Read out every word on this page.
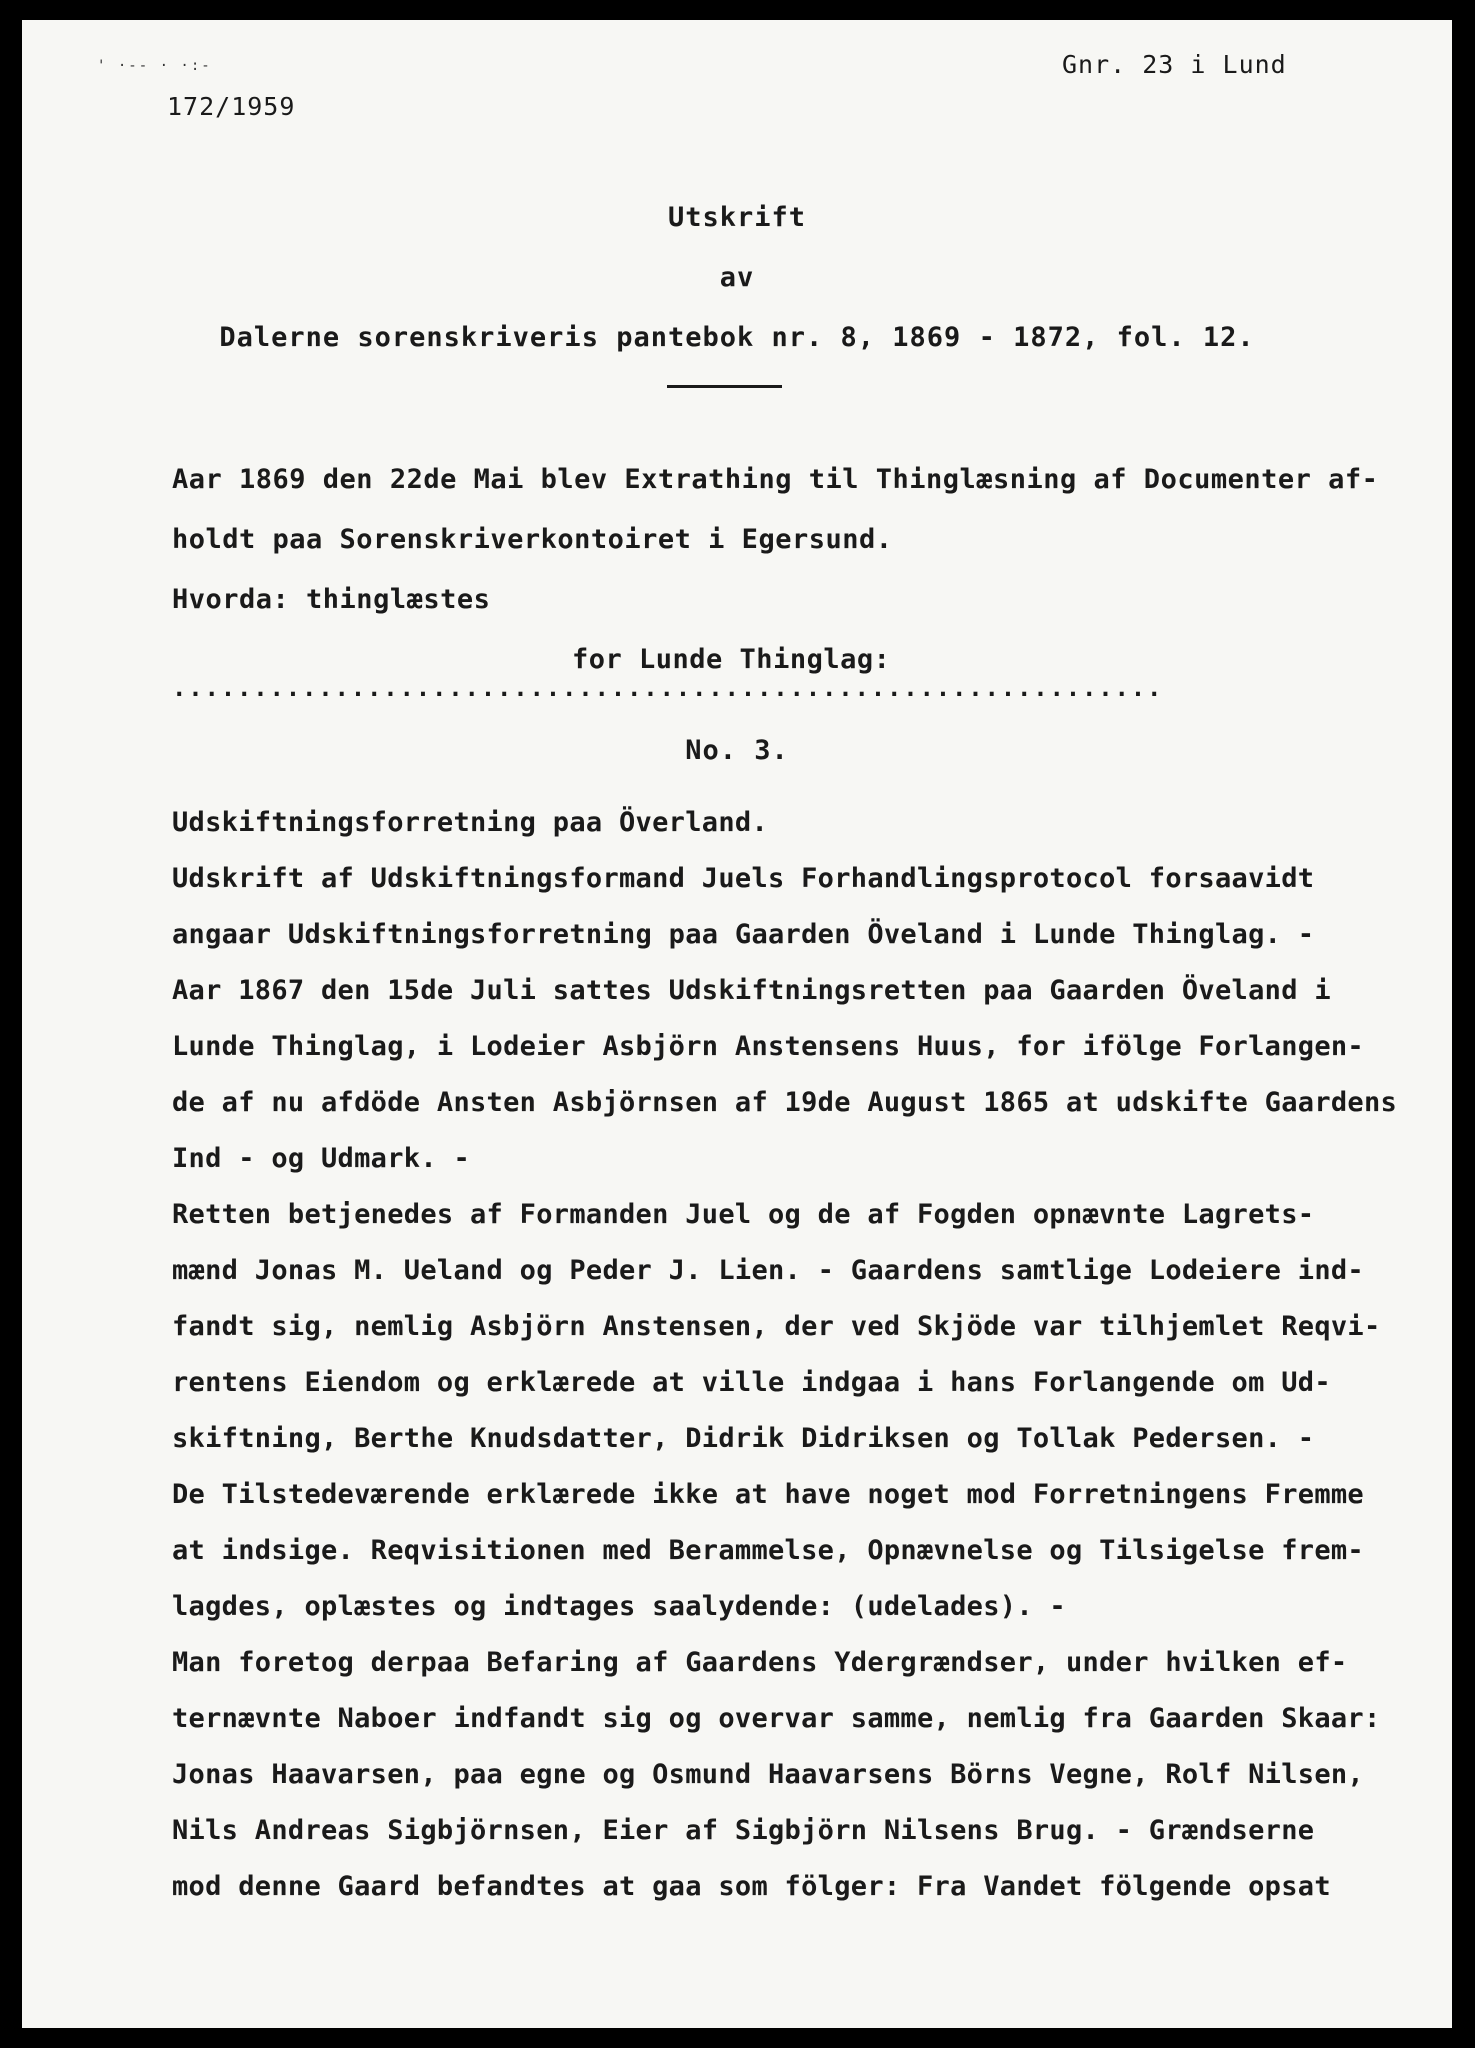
' ·-- · ·:-
172/1959
Gnr. 23 i Lund
Utskrift
av
Dalerne sorenskriveris pantebok nr. 8, 1869 - 1872, fol. 12.
Aar 1869 den 22de Mai blev Extrathing til Thinglæsning af Documenter af-
holdt paa Sorenskriverkontoiret i Egersund.
Hvorda: thinglæstes
for Lunde Thinglag:
·····························································
No. 3.
Udskiftningsforretning paa Överland.
Udskrift af Udskiftningsformand Juels Forhandlingsprotocol forsaavidt
angaar Udskiftningsforretning paa Gaarden Öveland i Lunde Thinglag. -
Aar 1867 den 15de Juli sattes Udskiftningsretten paa Gaarden Öveland i
Lunde Thinglag, i Lodeier Asbjörn Anstensens Huus, for ifölge Forlangen-
de af nu afdöde Ansten Asbjörnsen af 19de August 1865 at udskifte Gaardens
Ind - og Udmark. -
Retten betjenedes af Formanden Juel og de af Fogden opnævnte Lagrets-
mænd Jonas M. Ueland og Peder J. Lien. - Gaardens samtlige Lodeiere ind-
fandt sig, nemlig Asbjörn Anstensen, der ved Skjöde var tilhjemlet Reqvi-
rentens Eiendom og erklærede at ville indgaa i hans Forlangende om Ud-
skiftning, Berthe Knudsdatter, Didrik Didriksen og Tollak Pedersen. -
De Tilstedeværende erklærede ikke at have noget mod Forretningens Fremme
at indsige. Reqvisitionen med Berammelse, Opnævnelse og Tilsigelse frem-
lagdes, oplæstes og indtages saalydende: (udelades). -
Man foretog derpaa Befaring af Gaardens Ydergrændser, under hvilken ef-
ternævnte Naboer indfandt sig og overvar samme, nemlig fra Gaarden Skaar:
Jonas Haavarsen, paa egne og Osmund Haavarsens Börns Vegne, Rolf Nilsen,
Nils Andreas Sigbjörnsen, Eier af Sigbjörn Nilsens Brug. - Grændserne
mod denne Gaard befandtes at gaa som fölger: Fra Vandet fölgende opsat
